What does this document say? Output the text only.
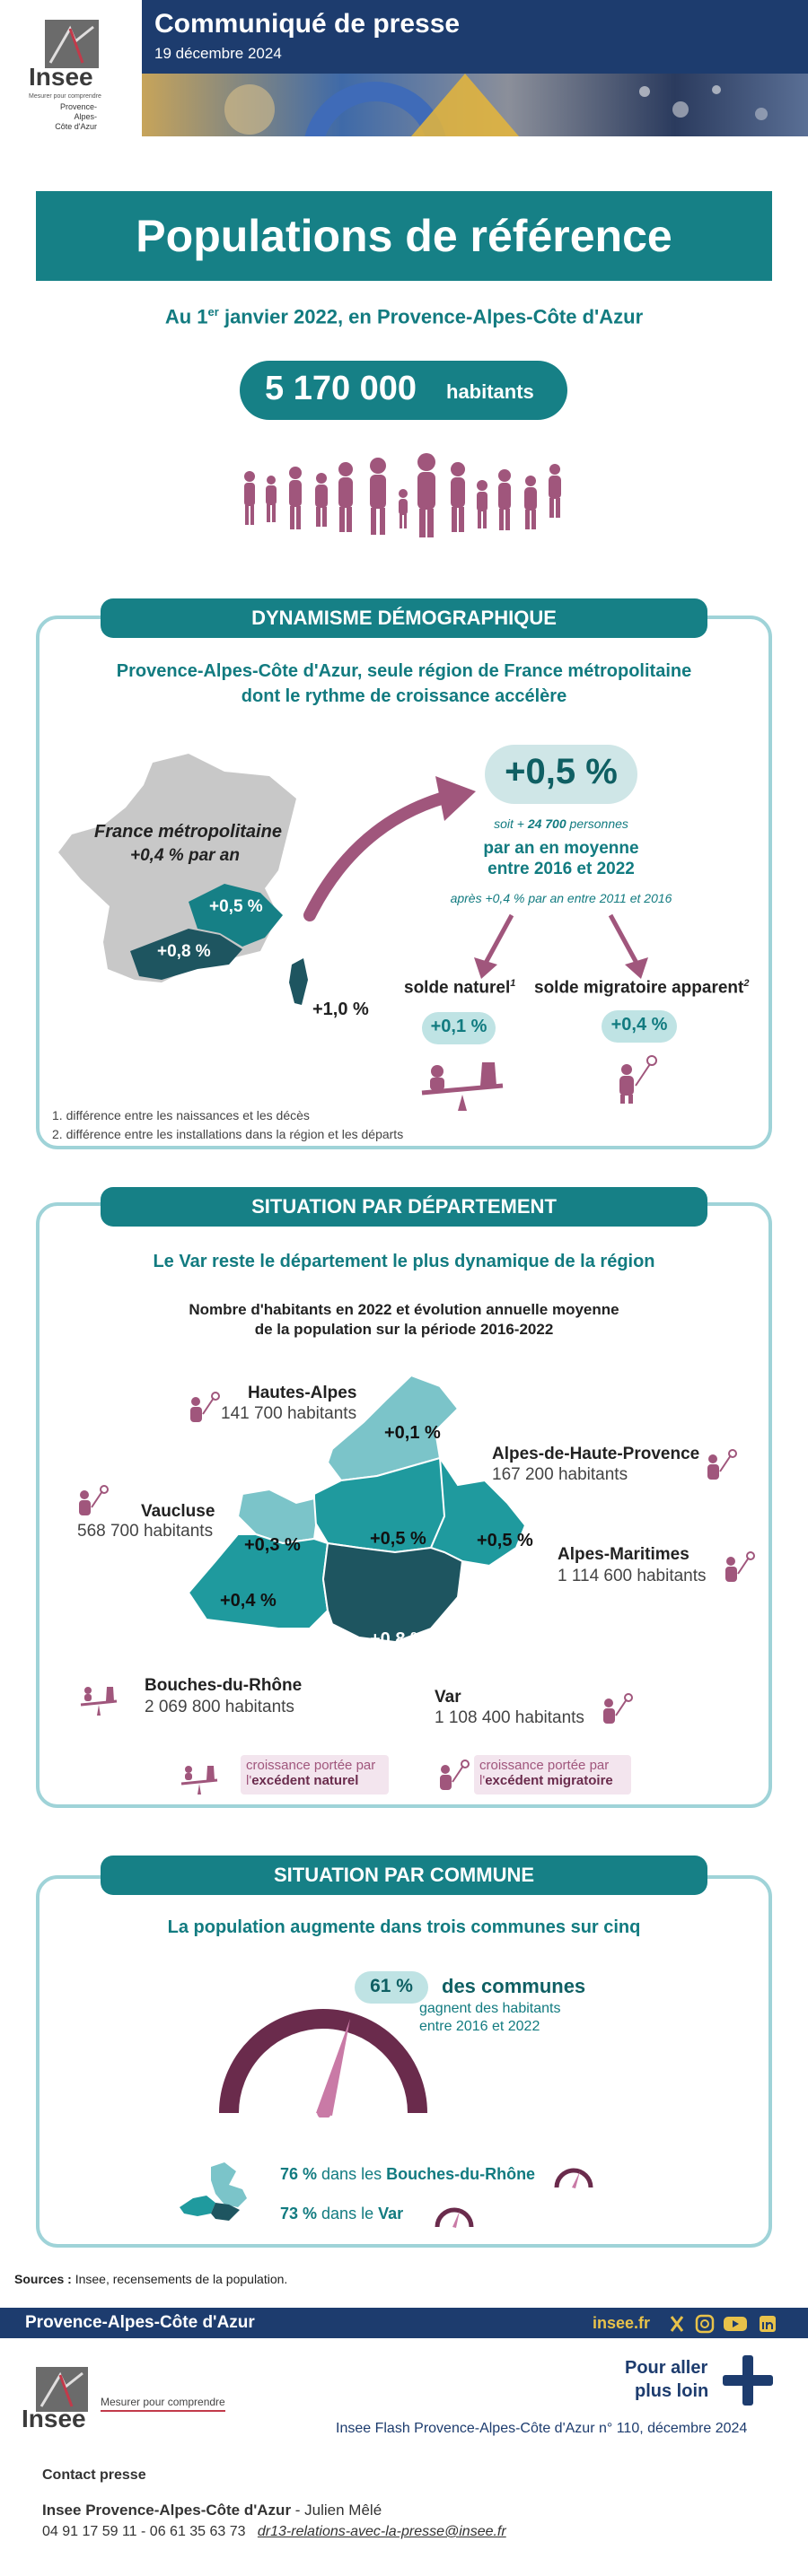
Insee
Mesurer pour comprendre
Provence-Alpes-
Côte d'Azur
Communiqué de presse
19 décembre 2024
Populations de référence
Au 1er janvier 2022, en Provence-Alpes-Côte d'Azur
5 170 000 habitants
DYNAMISME DÉMOGRAPHIQUE
Provence-Alpes-Côte d'Azur, seule région de France métropolitaine
dont le rythme de croissance accélère
France métropolitaine
+0,4 % par an
+0,5 %
+0,8 %
+1,0 %
+0,5 %
soit + 24 700 personnes
par an en moyenne
entre 2016 et 2022
après +0,4 % par an entre 2011 et 2016
solde naturel$^1$ solde migratoire apparent$^2$
+0,1 %	+0,4 %
1. différence entre les naissances et les décès
2. différence entre les installations dans la région et les départs
SITUATION PAR DÉPARTEMENT
Le Var reste le département le plus dynamique de la région
Nombre d'habitants en 2022 et évolution annuelle moyenne
de la population sur la période 2016-2022
Hautes-Alpes
141 700 habitants
Alpes-de-Haute-Provence
167 200 habitants
Vaucluse
568 700 habitants
Alpes-Maritimes
1 114 600 habitants
Bouches-du-Rhône
2 069 800 habitants
Var
1 108 400 habitants
+0,1 %
+0,5 %
+0,3 %	+0,5 %
+0,4 %
+0,8 %
croissance portée par
l'excédent naturel
croissance portée par
l'excédent migratoire
SITUATION PAR COMMUNE
La population augmente dans trois communes sur cinq
61 %	des communes
gagnent des habitants
entre 2016 et 2022
76 % dans les Bouches-du-Rhône
73 % dans le Var
Sources : Insee, recensements de la population.
Provence-Alpes-Côte d'Azur	insee.fr
Insee
Mesurer pour comprendre
Pour aller
plus loin
Insee Flash Provence-Alpes-Côte d'Azur n° 110, décembre 2024
Contact presse
Insee Provence-Alpes-Côte d'Azur - Julien Mêlé
04 91 17 59 11 - 06 61 35 63 73 dr13-relations-avec-la-presse@insee.fr
